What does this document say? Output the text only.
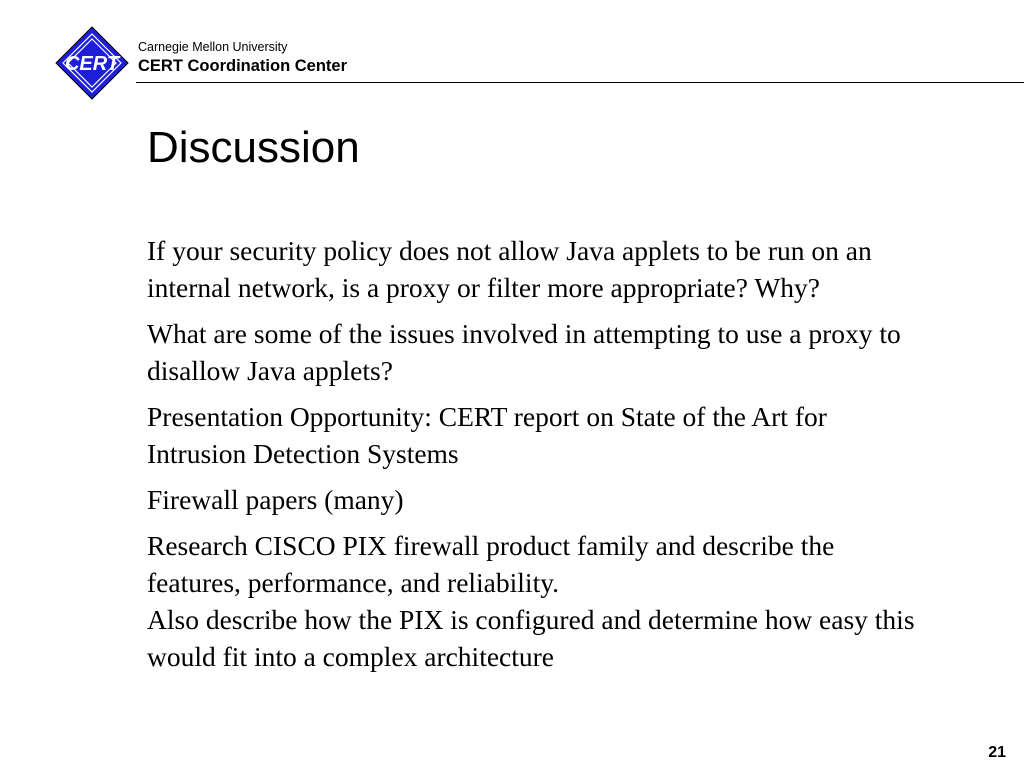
CERT
Carnegie Mellon University
CERT Coordination Center
Discussion

If your security policy does not allow Java applets to be run on an internal network, is a proxy or filter more appropriate? Why?

What are some of the issues involved in attempting to use a proxy to disallow Java applets?

Presentation Opportunity: CERT report on State of the Art for Intrusion Detection Systems

Firewall papers (many)

Research CISCO PIX firewall product family and describe the features, performance, and reliability.

Also describe how the PIX is configured and determine how easy this would fit into a complex architecture

21
